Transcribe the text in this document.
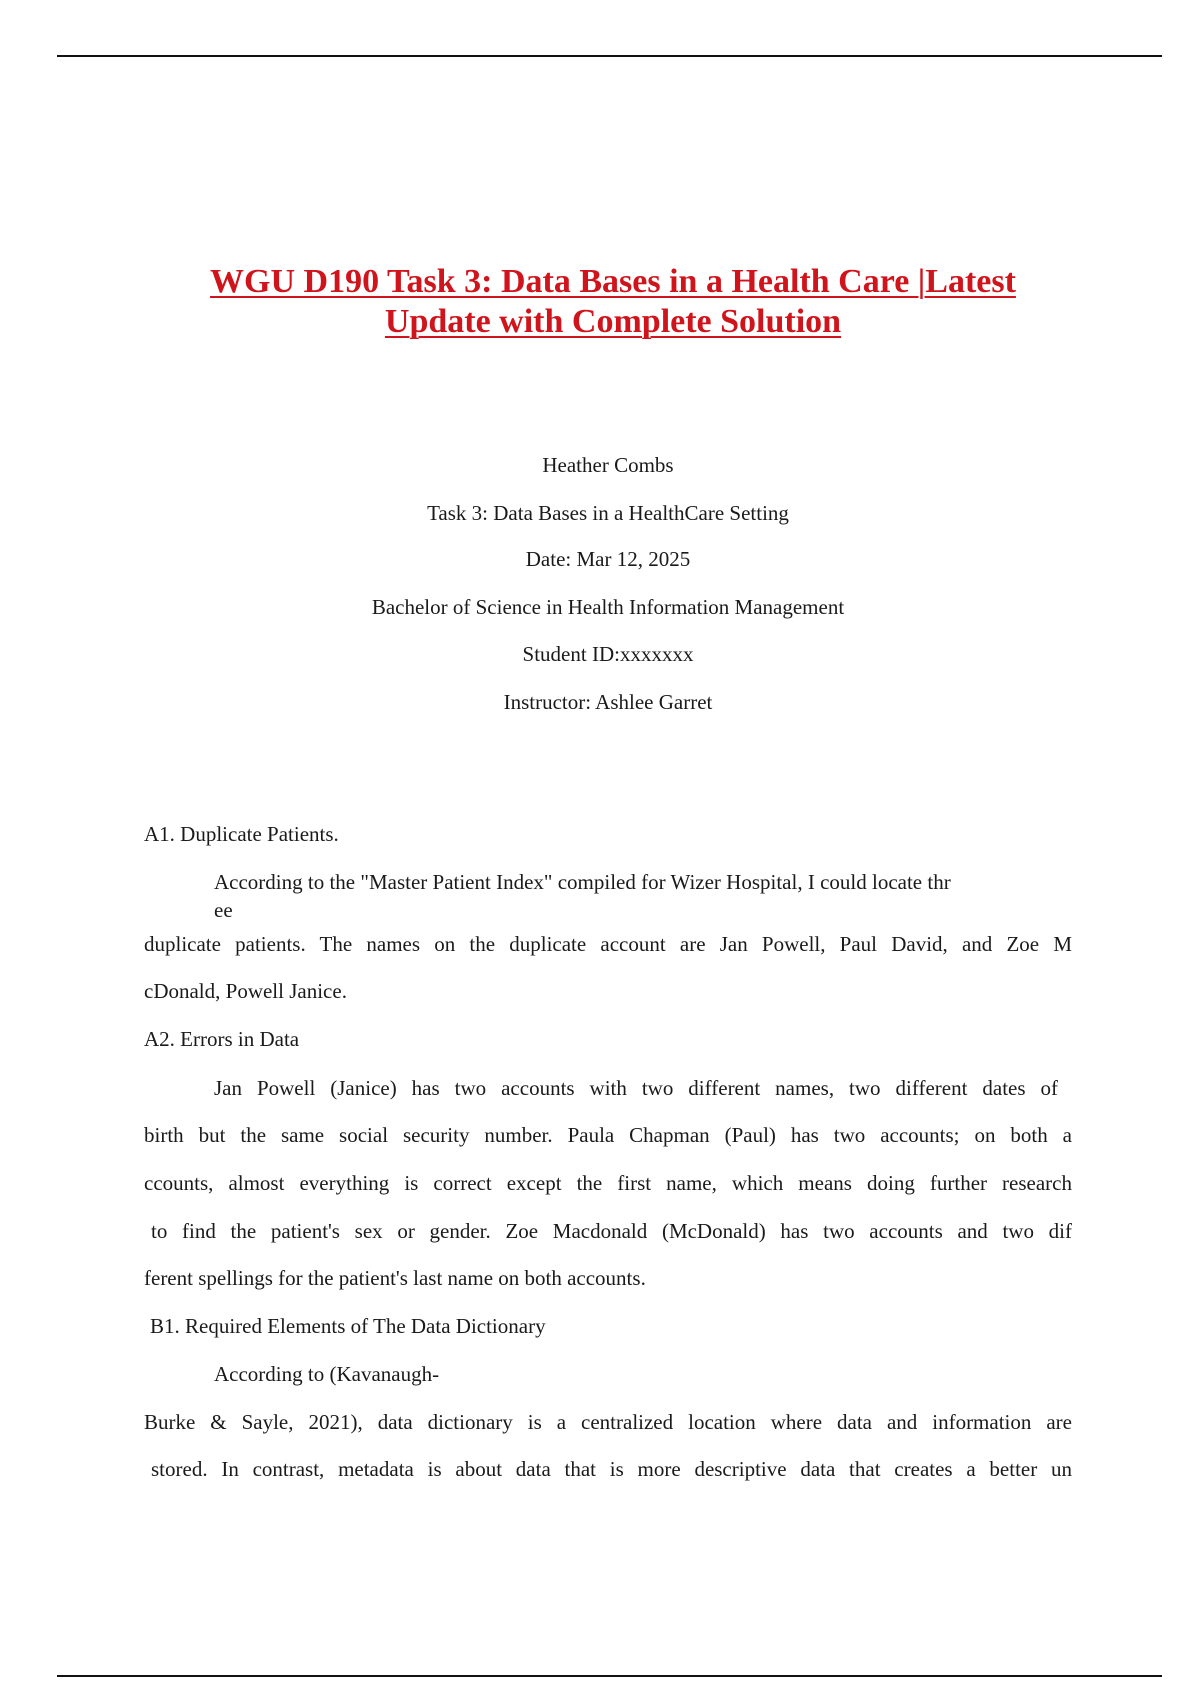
WGU D190 Task 3: Data Bases in a Health Care |Latest
Update with Complete Solution
Heather Combs
Task 3: Data Bases in a HealthCare Setting
Date: Mar 12, 2025
Bachelor of Science in Health Information Management
Student ID:xxxxxxx
Instructor: Ashlee Garret
A1. Duplicate Patients.
According to the "Master Patient Index" compiled for Wizer Hospital, I could locate thr
ee
duplicate patients. The names on the duplicate account are Jan Powell, Paul David, and Zoe M
cDonald, Powell Janice.
A2. Errors in Data
Jan Powell (Janice) has two accounts with two different names, two different dates of
birth but the same social security number. Paula Chapman (Paul) has two accounts; on both a
ccounts, almost everything is correct except the first name, which means doing further research
to find the patient's sex or gender. Zoe Macdonald (McDonald) has two accounts and two dif
ferent spellings for the patient's last name on both accounts.
B1. Required Elements of The Data Dictionary
According to (Kavanaugh-
Burke & Sayle, 2021), data dictionary is a centralized location where data and information are
stored. In contrast, metadata is about data that is more descriptive data that creates a better un
